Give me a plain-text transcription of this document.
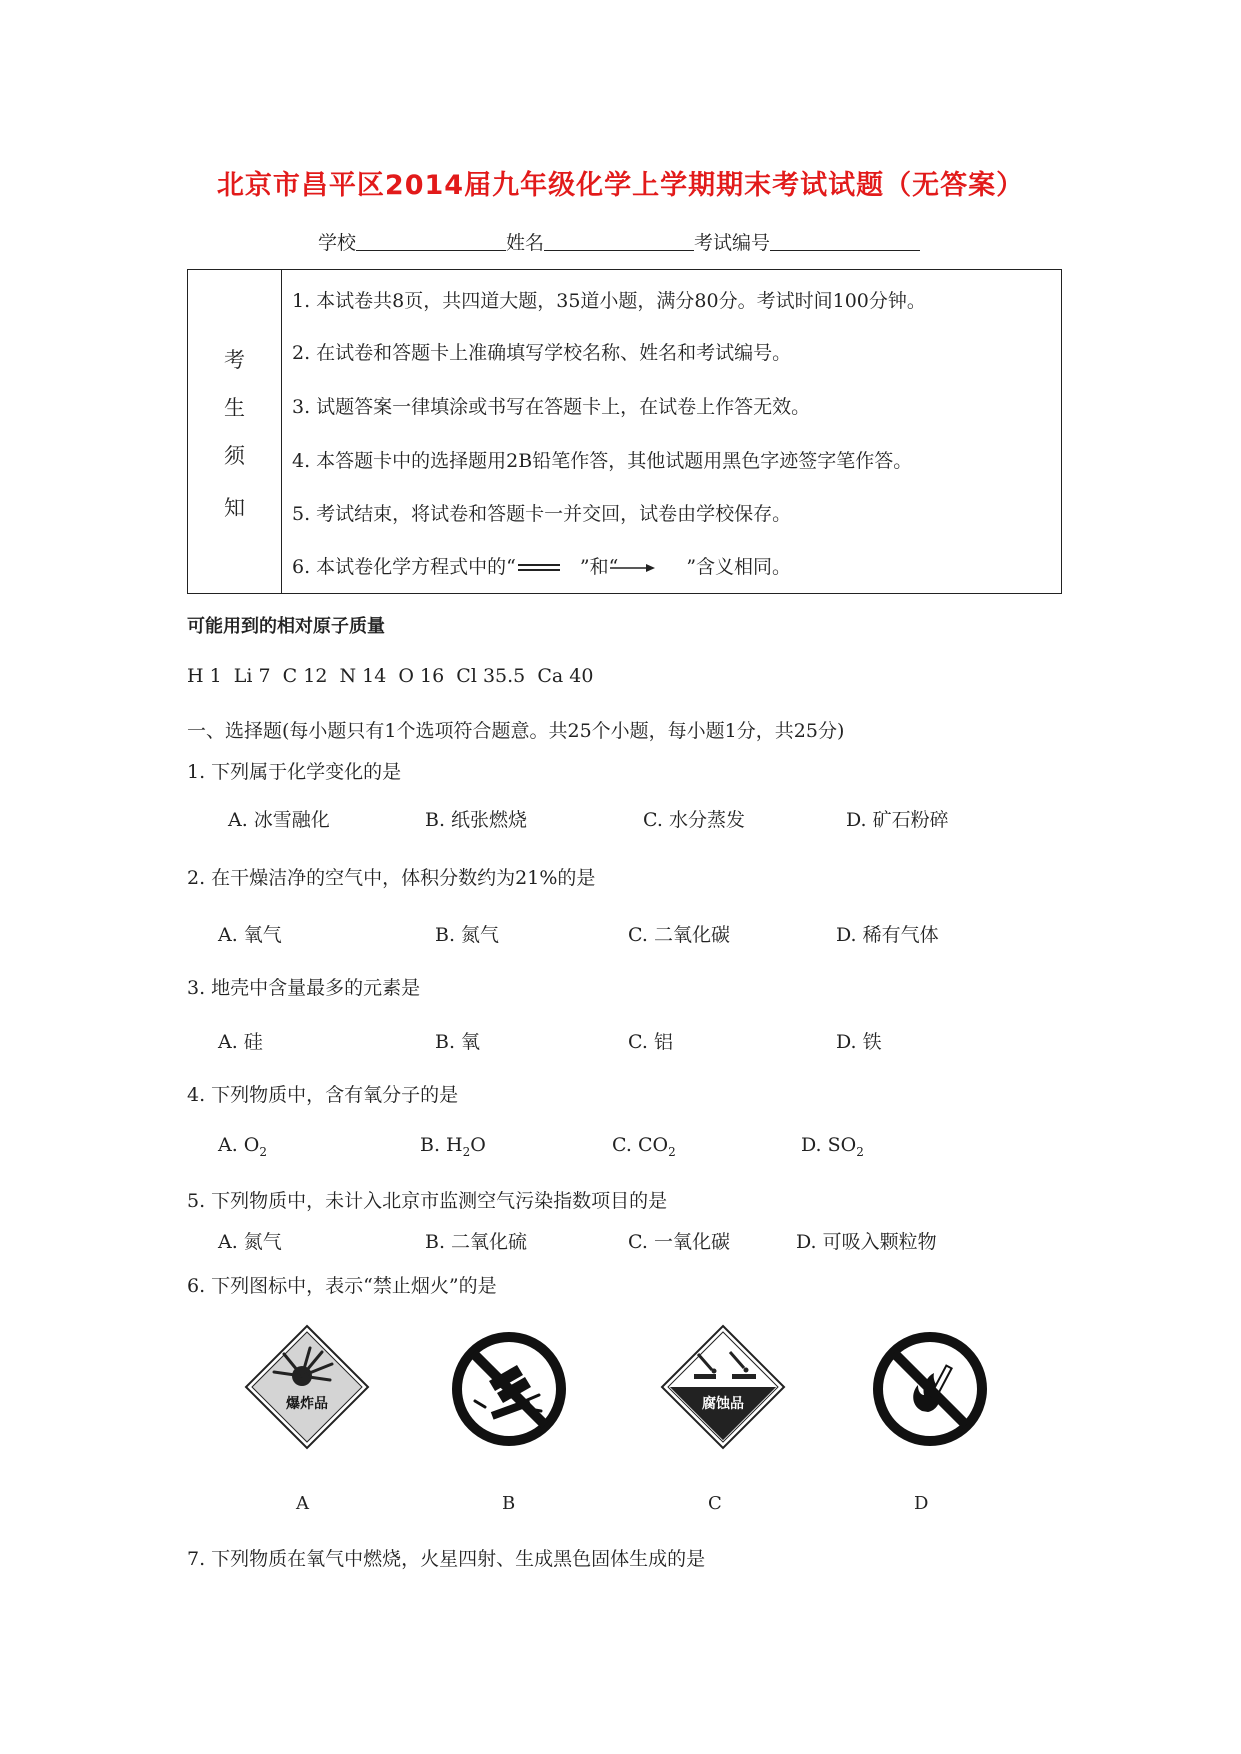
北京市昌平区2014届九年级化学上学期期末考试试题（无答案）
学校	姓名	考试编号
考
生
须
知
1. 本试卷共8页，共四道大题，35道小题，满分80分。考试时间100分钟。
2. 在试卷和答题卡上准确填写学校名称、姓名和考试编号。
3. 试题答案一律填涂或书写在答题卡上，在试卷上作答无效。
4. 本答题卡中的选择题用2B铅笔作答，其他试题用黑色字迹签字笔作答。
5. 考试结束，将试卷和答题卡一并交回，试卷由学校保存。
6. 本试卷化学方程式中的“	”和“	”含义相同。
可能用到的相对原子质量
H 1  Li 7  C 12  N 14  O 16  Cl 35.5  Ca 40
一、选择题(每小题只有1个选项符合题意。共25个小题，每小题1分，共25分)
1. 下列属于化学变化的是
A. 冰雪融化	B. 纸张燃烧	C. 水分蒸发	D. 矿石粉碎
2. 在干燥洁净的空气中，体积分数约为21%的是
A. 氧气	B. 氮气	C. 二氧化碳	D. 稀有气体
3. 地壳中含量最多的元素是
A. 硅	B. 氧	C. 铝	D. 铁
4. 下列物质中，含有氧分子的是
A. $O_2$	B. $H_2O$	C. $CO_2$	D. $SO_2$
5. 下列物质中，未计入北京市监测空气污染指数项目的是
A. 氮气	B. 二氧化硫	C. 一氧化碳	D. 可吸入颗粒物
6. 下列图标中，表示“禁止烟火”的是
爆炸品	腐蚀品
A	B	C	D
7. 下列物质在氧气中燃烧，火星四射、生成黑色固体生成的是
